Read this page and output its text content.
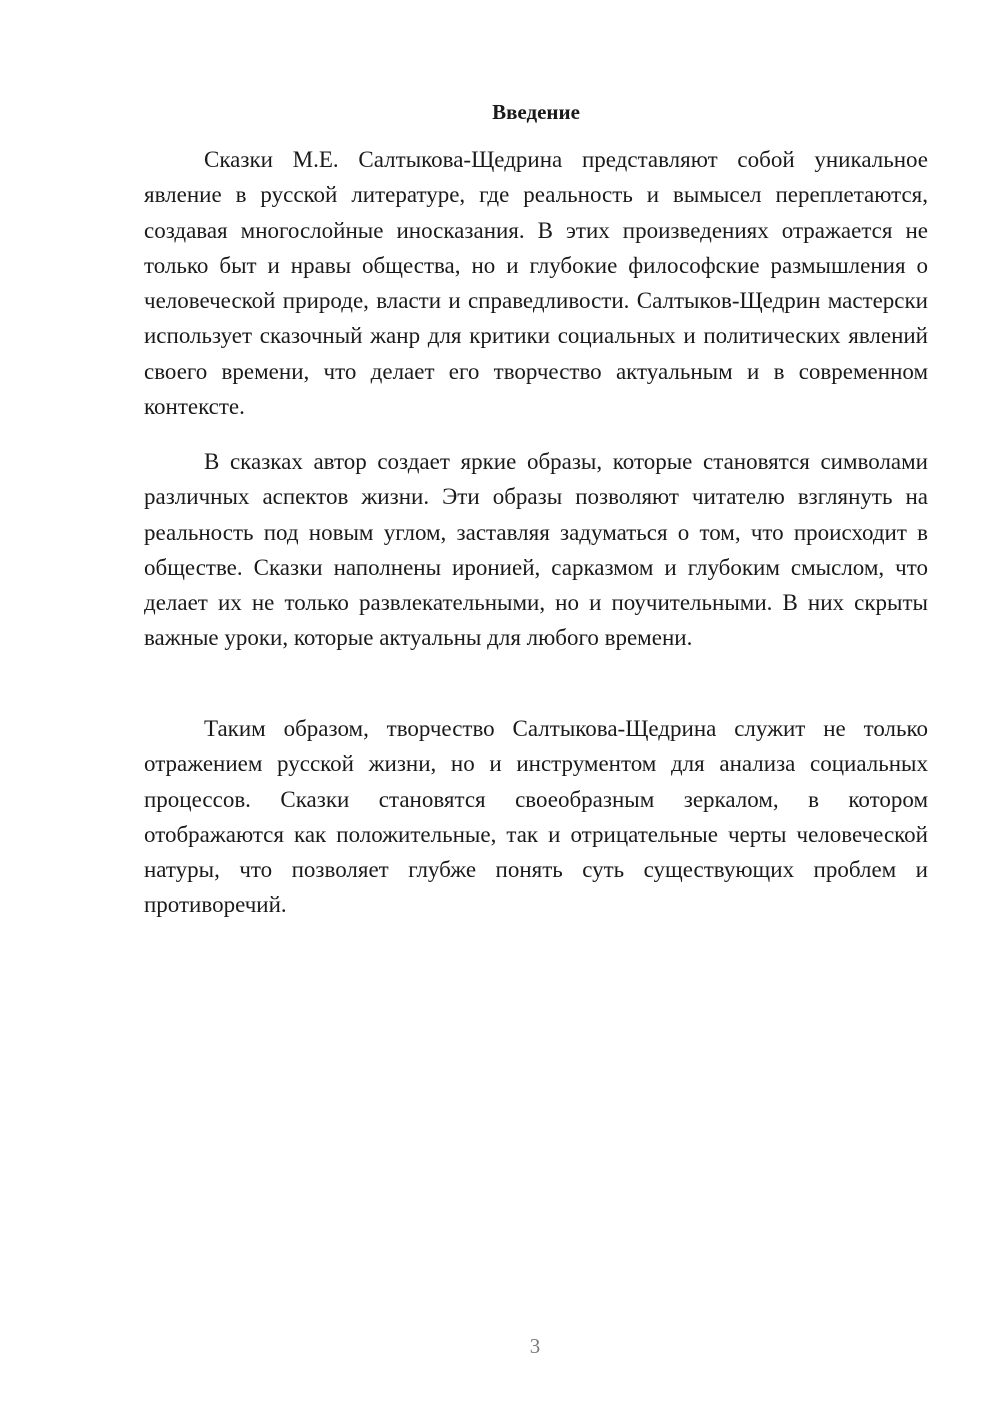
Введение

Сказки М.Е. Салтыкова-Щедрина представляют собой уникальное явление в русской литературе, где реальность и вымысел переплетаются, создавая многослойные иносказания. В этих произведениях отражается не только быт и нравы общества, но и глубокие философские размышления о человеческой природе, власти и справедливости. Салтыков-Щедрин мастерски использует сказочный жанр для критики социальных и политических явлений своего времени, что делает его творчество актуальным и в современном контексте.

В сказках автор создает яркие образы, которые становятся символами различных аспектов жизни. Эти образы позволяют читателю взглянуть на реальность под новым углом, заставляя задуматься о том, что происходит в обществе. Сказки наполнены иронией, сарказмом и глубоким смыслом, что делает их не только развлекательными, но и поучительными. В них скрыты важные уроки, которые актуальны для любого времени.

Таким образом, творчество Салтыкова-Щедрина служит не только отражением русской жизни, но и инструментом для анализа социальных процессов. Сказки становятся своеобразным зеркалом, в котором отображаются как положительные, так и отрицательные черты человеческой натуры, что позволяет глубже понять суть существующих проблем и противоречий.

3
